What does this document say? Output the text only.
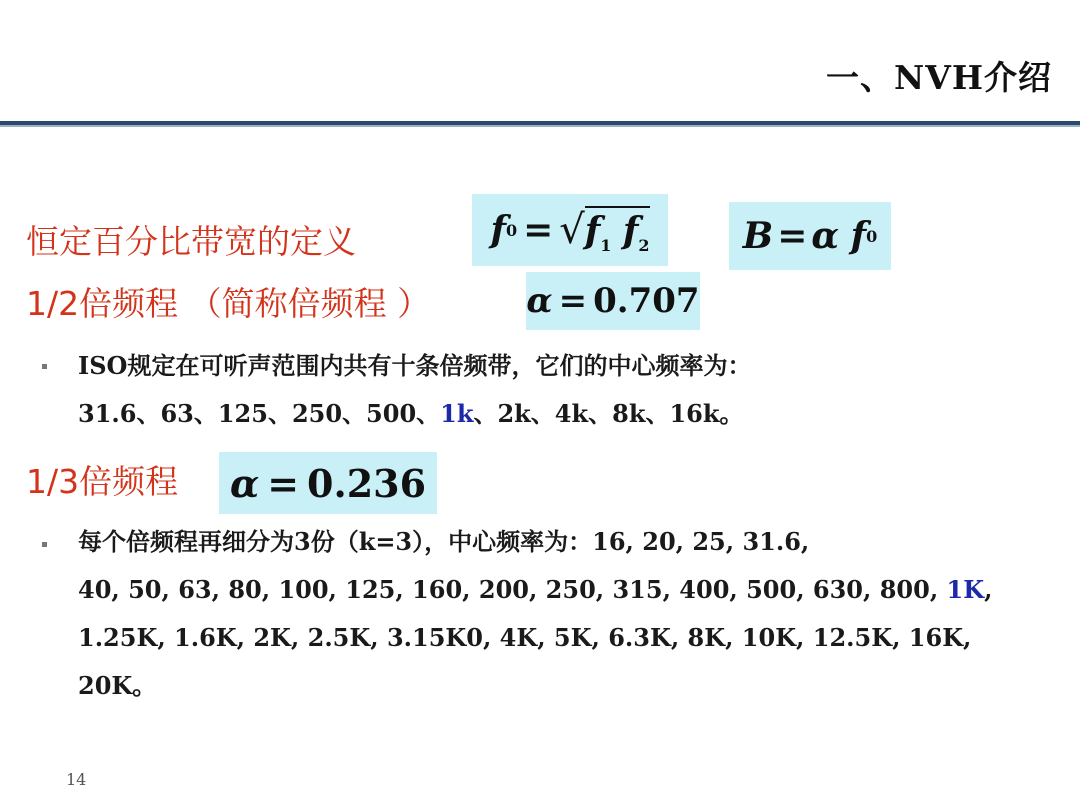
一、NVH介绍
恒定百分比带宽的定义	f 0 = √ $f_1$ $f_2$	B = α
f 0
1/2倍频程 （简称倍频程 ）	α = 0.707
ISO规定在可听声范围内共有十条倍频带，它们的中心频率为：
31.6、63、125、250、500、1k、2k、4k、8k、16k。
1/3倍频程 α = 0.236
每个倍频程再细分为3份（k=3），中心频率为：16, 20, 25, 31.6,
40, 50, 63, 80, 100, 125, 160, 200, 250, 315, 400, 500, 630, 800, 1K,
1.25K, 1.6K, 2K, 2.5K, 3.15K0, 4K, 5K, 6.3K, 8K, 10K, 12.5K, 16K,
20K。
14
